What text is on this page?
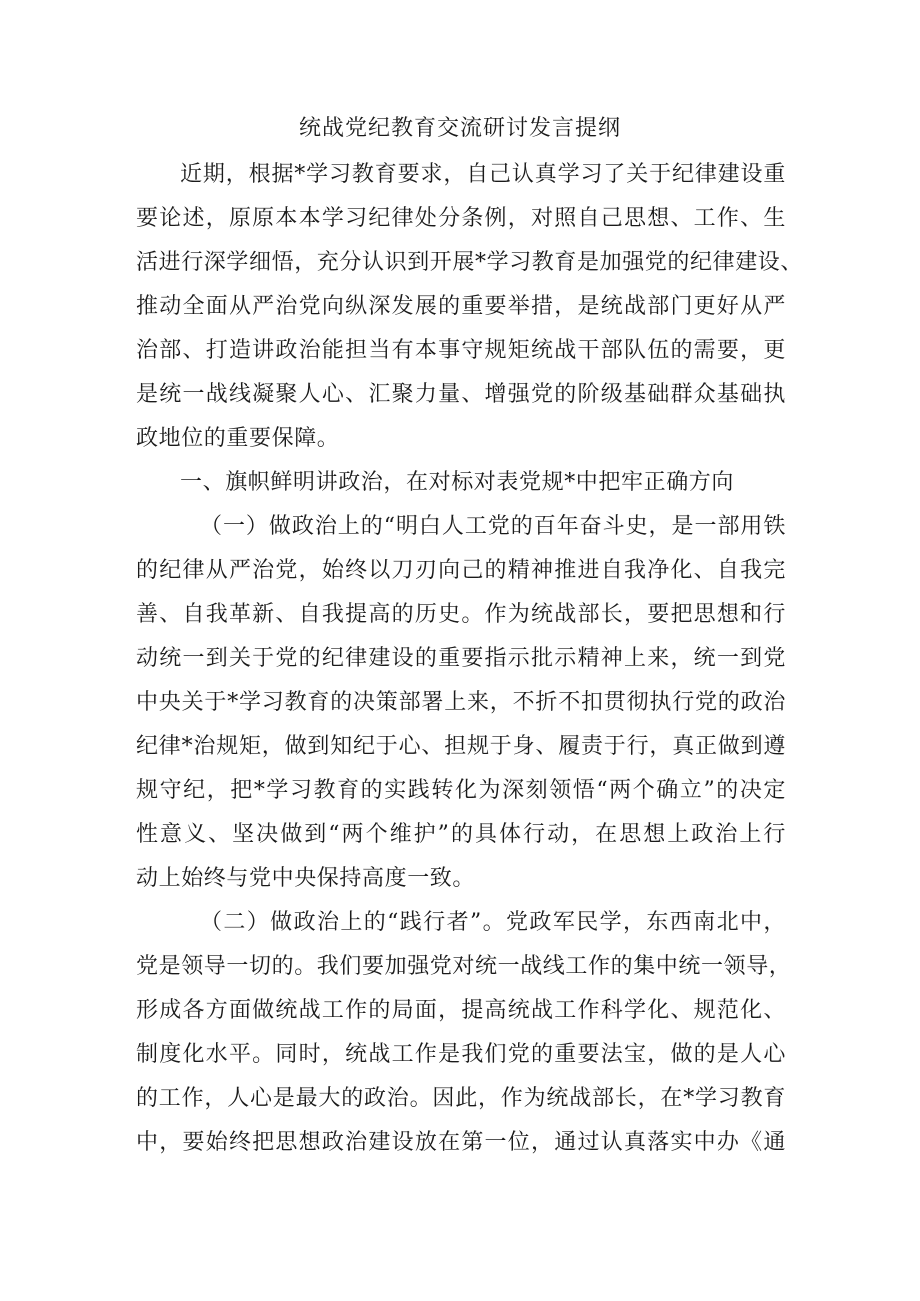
统战党纪教育交流研讨发言提纲
近期，根据*学习教育要求，自己认真学习了关于纪律建设重
要论述，原原本本学习纪律处分条例，对照自己思想、工作、生
活进行深学细悟，充分认识到开展*学习教育是加强党的纪律建设、
推动全面从严治党向纵深发展的重要举措，是统战部门更好从严
治部、打造讲政治能担当有本事守规矩统战干部队伍的需要，更
是统一战线凝聚人心、汇聚力量、增强党的阶级基础群众基础执
政地位的重要保障。
一、旗帜鲜明讲政治，在对标对表党规*中把牢正确方向
（一）做政治上的“明白人工党的百年奋斗史，是一部用铁
的纪律从严治党，始终以刀刃向己的精神推进自我净化、自我完
善、自我革新、自我提高的历史。作为统战部长，要把思想和行
动统一到关于党的纪律建设的重要指示批示精神上来，统一到党
中央关于*学习教育的决策部署上来，不折不扣贯彻执行党的政治
纪律*治规矩，做到知纪于心、担规于身、履责于行，真正做到遵
规守纪，把*学习教育的实践转化为深刻领悟“两个确立”的决定
性意义、坚决做到“两个维护”的具体行动，在思想上政治上行
动上始终与党中央保持高度一致。
（二）做政治上的“践行者”。党政军民学，东西南北中，
党是领导一切的。我们要加强党对统一战线工作的集中统一领导，
形成各方面做统战工作的局面，提高统战工作科学化、规范化、
制度化水平。同时，统战工作是我们党的重要法宝，做的是人心
的工作，人心是最大的政治。因此，作为统战部长，在*学习教育
中，要始终把思想政治建设放在第一位，通过认真落实中办《通
